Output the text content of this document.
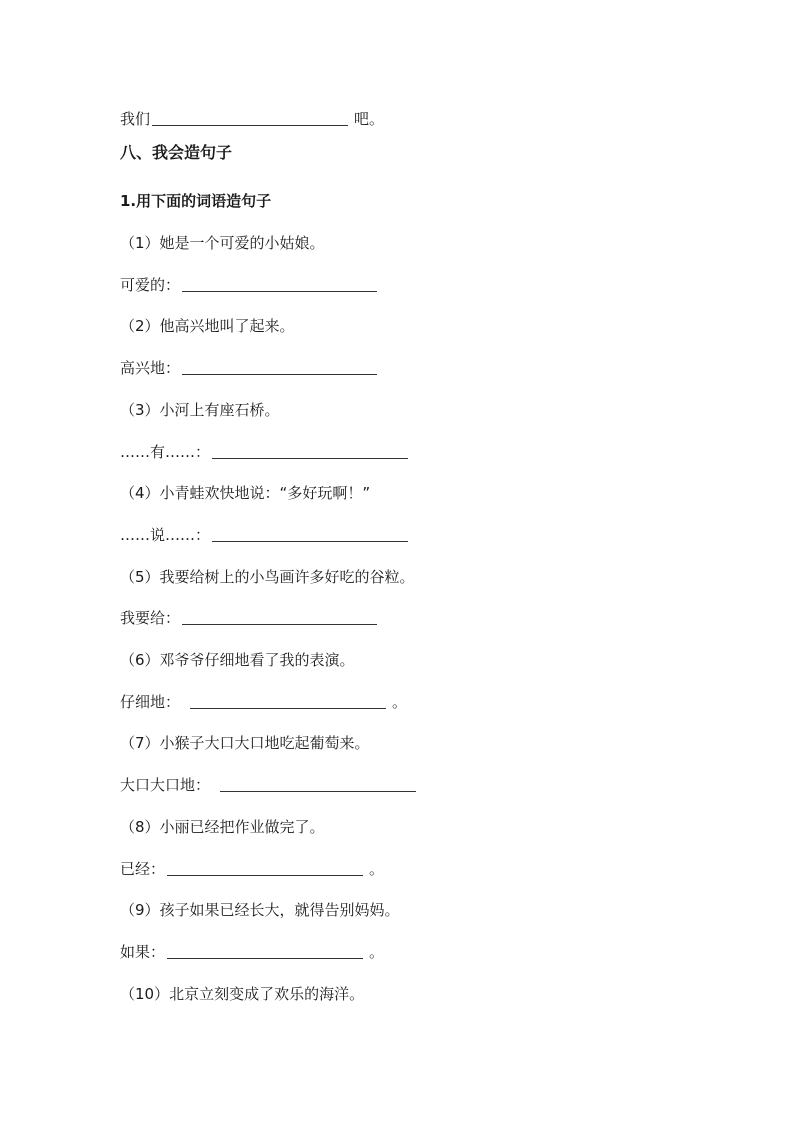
我们	吧。
八、我会造句子
1.用下面的词语造句子
（1）她是一个可爱的小姑娘。
可爱的：
（2）他高兴地叫了起来。
高兴地：
（3）小河上有座石桥。
……有……：
（4）小青蛙欢快地说：“多好玩啊！”
……说……：
（5）我要给树上的小鸟画许多好吃的谷粒。
我要给：
（6）邓爷爷仔细地看了我的表演。
仔细地：	。
（7）小猴子大口大口地吃起葡萄来。
大口大口地：
（8）小丽已经把作业做完了。
已经：	。
（9）孩子如果已经长大，就得告别妈妈。
如果：	。
（10）北京立刻变成了欢乐的海洋。
